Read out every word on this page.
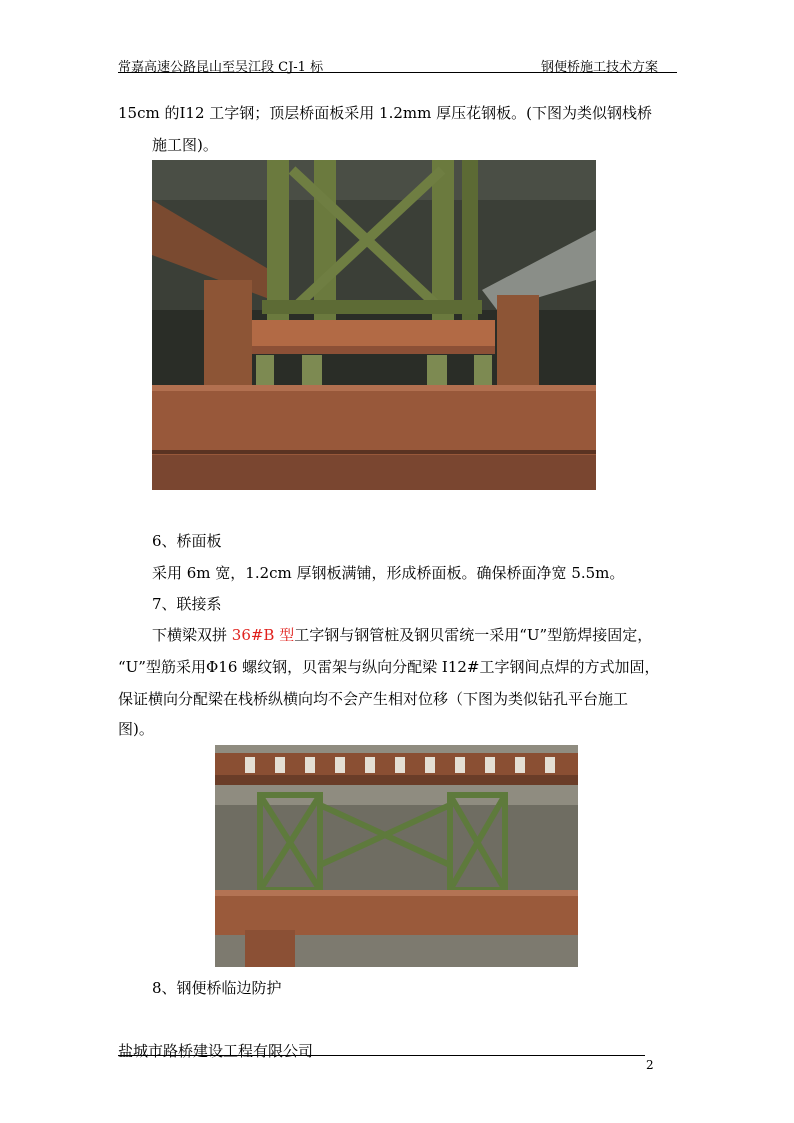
常嘉高速公路昆山至吴江段 CJ-1 标	钢便桥施工技术方案
15cm 的Ⅰ12 工字钢；顶层桥面板采用 1.2mm 厚压花钢板。(下图为类似钢栈桥
施工图)。
6、桥面板
采用 6m 宽，1.2cm 厚钢板满铺，形成桥面板。确保桥面净宽 5.5m。
7、联接系
下横梁双拼 36#B 型工字钢与钢管桩及钢贝雷统一采用“U”型筋焊接固定，
“U”型筋采用Φ16 螺纹钢，贝雷架与纵向分配梁 I12#工字钢间点焊的方式加固，
保证横向分配梁在栈桥纵横向均不会产生相对位移（下图为类似钻孔平台施工
图)。
8、钢便桥临边防护
盐城市路桥建设工程有限公司
2
